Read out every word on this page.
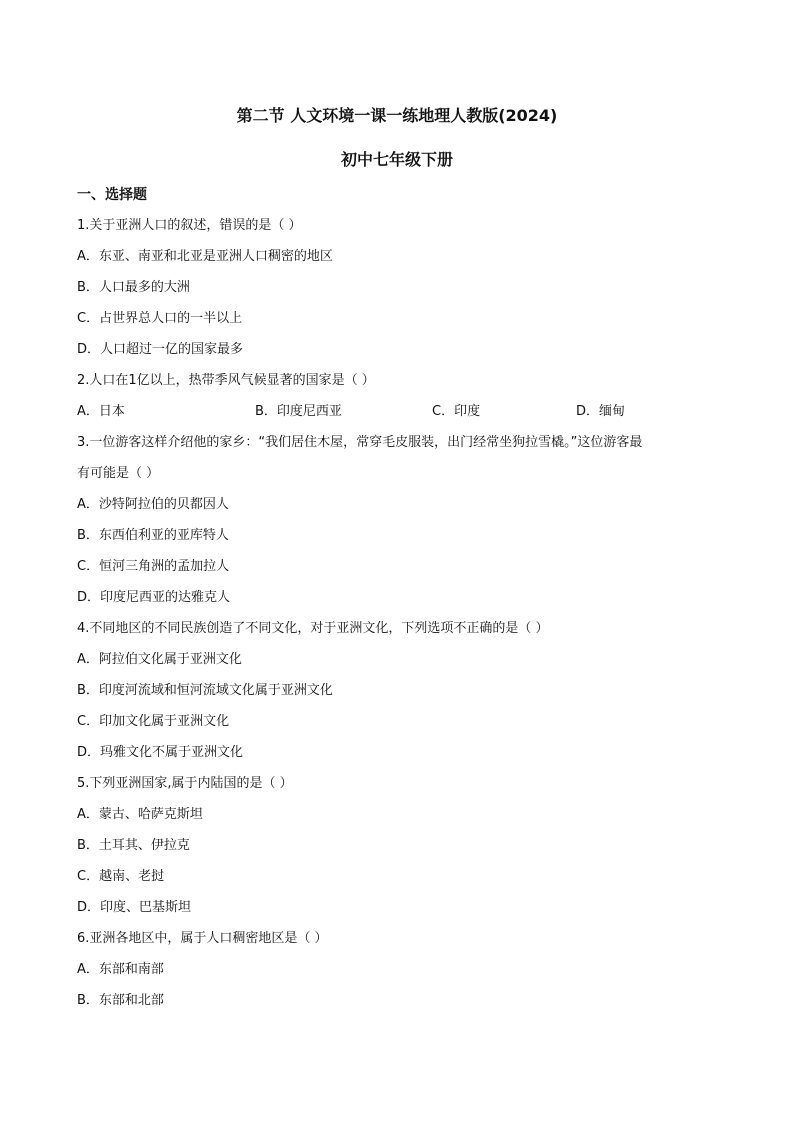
第二节 人文环境一课一练地理人教版(2024)
初中七年级下册
一、选择题
1.关于亚洲人口的叙述，错误的是（ ）
A．东亚、南亚和北亚是亚洲人口稠密的地区
B．人口最多的大洲
C．占世界总人口的一半以上
D．人口超过一亿的国家最多
2.人口在1亿以上，热带季风气候显著的国家是（ ）
A．日本	B．印度尼西亚	C．印度	D．缅甸
3.一位游客这样介绍他的家乡：“我们居住木屋，常穿毛皮服装，出门经常坐狗拉雪橇。”这位游客最
有可能是（ ）
A．沙特阿拉伯的贝都因人
B．东西伯利亚的亚库特人
C．恒河三角洲的孟加拉人
D．印度尼西亚的达雅克人
4.不同地区的不同民族创造了不同文化，对于亚洲文化，下列选项不正确的是（ ）
A．阿拉伯文化属于亚洲文化
B．印度河流域和恒河流域文化属于亚洲文化
C．印加文化属于亚洲文化
D．玛雅文化不属于亚洲文化
5.下列亚洲国家,属于内陆国的是（ ）
A．蒙古、哈萨克斯坦
B．土耳其、伊拉克
C．越南、老挝
D．印度、巴基斯坦
6.亚洲各地区中，属于人口稠密地区是（ ）
A．东部和南部
B．东部和北部
